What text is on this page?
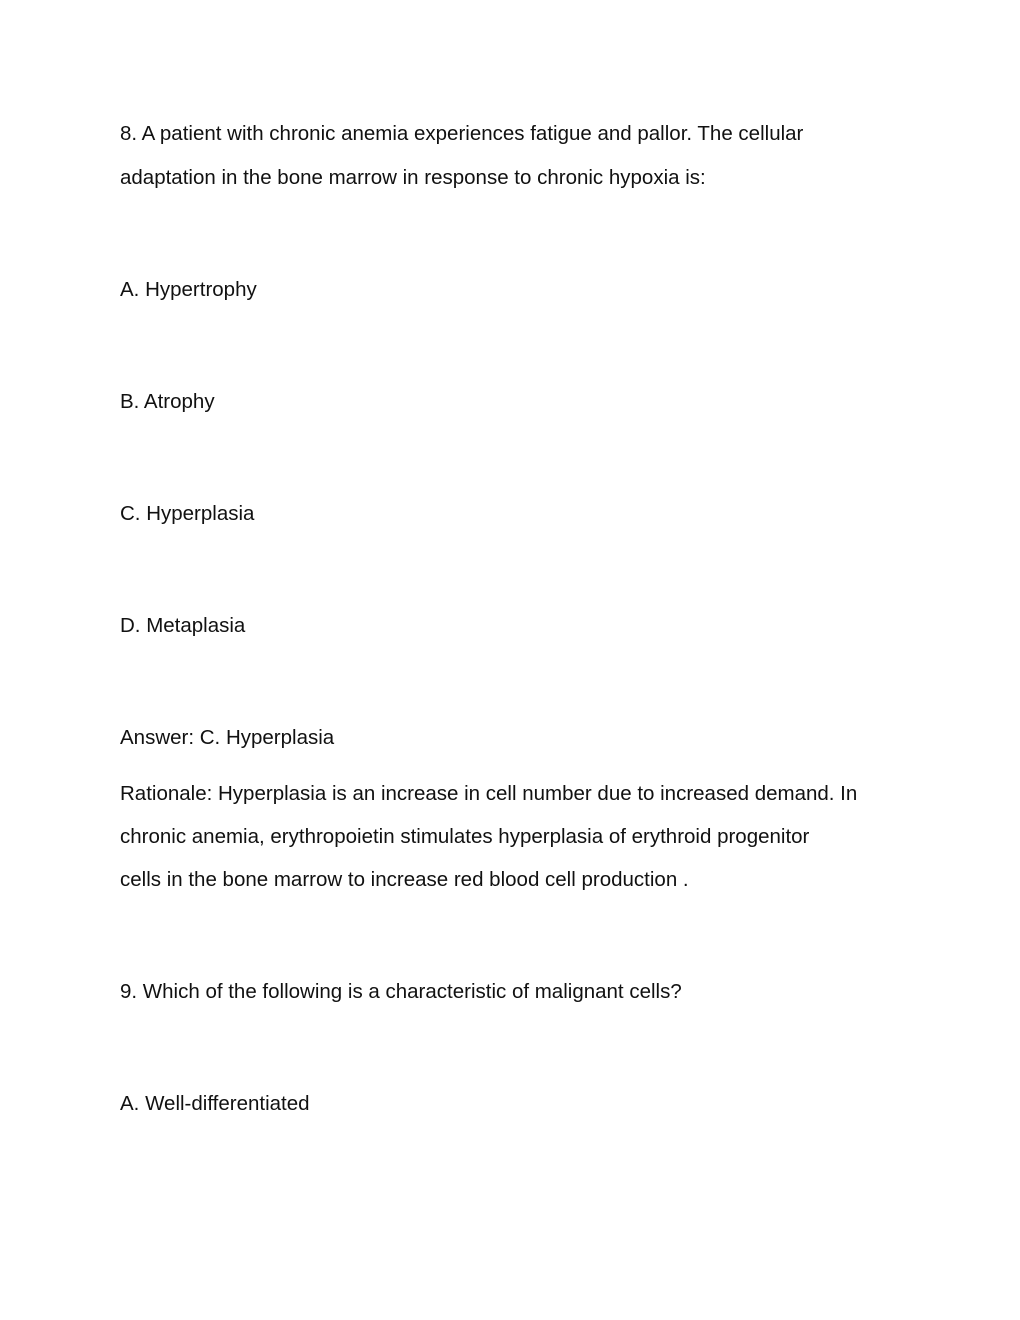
8. A patient with chronic anemia experiences fatigue and pallor. The cellular
adaptation in the bone marrow in response to chronic hypoxia is:
A. Hypertrophy
B. Atrophy
C. Hyperplasia
D. Metaplasia
Answer: C. Hyperplasia
Rationale: Hyperplasia is an increase in cell number due to increased demand. In
chronic anemia, erythropoietin stimulates hyperplasia of erythroid progenitor
cells in the bone marrow to increase red blood cell production .
9. Which of the following is a characteristic of malignant cells?
A. Well-differentiated
